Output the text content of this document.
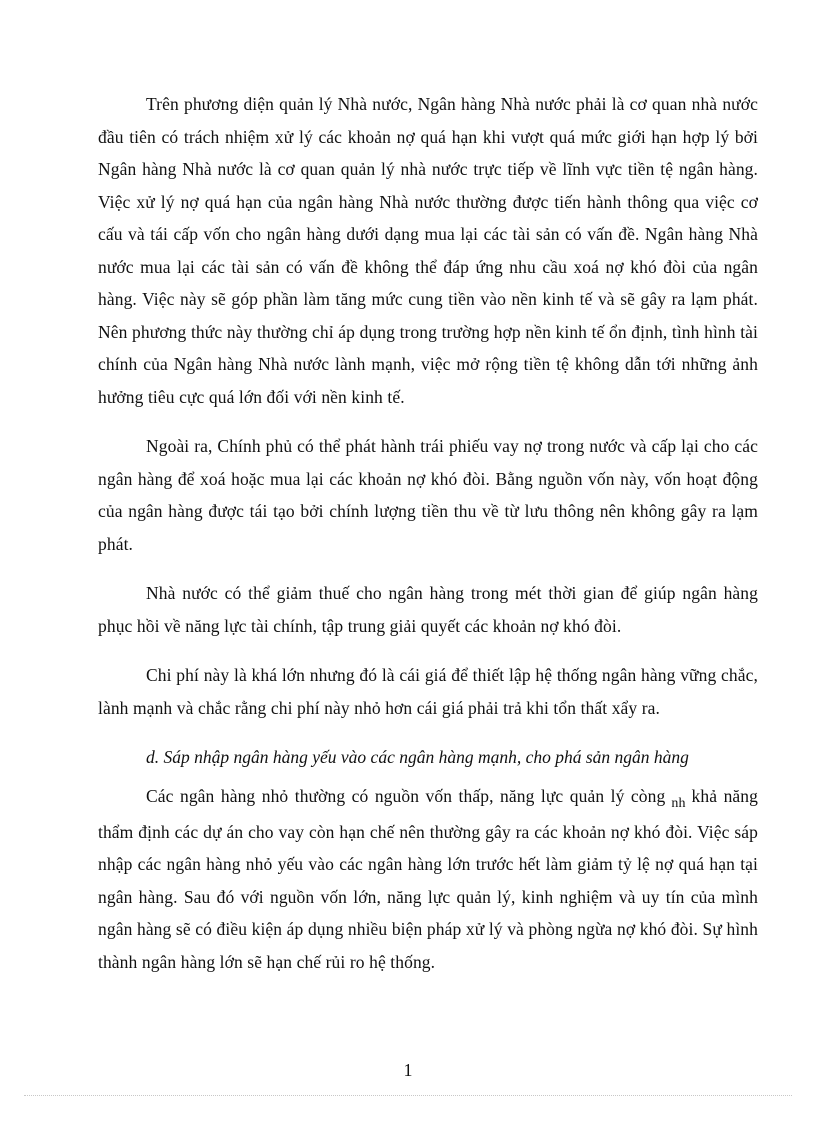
Trên phương diện quản lý Nhà nước, Ngân hàng Nhà nước phải là cơ quan nhà nước đầu tiên có trách nhiệm xử lý các khoản nợ quá hạn khi vượt quá mức giới hạn hợp lý bởi Ngân hàng Nhà nước là cơ quan quản lý nhà nước trực tiếp về lĩnh vực tiền tệ ngân hàng. Việc xử lý nợ quá hạn của ngân hàng Nhà nước thường được tiến hành thông qua việc cơ cấu và tái cấp vốn cho ngân hàng dưới dạng mua lại các tài sản có vấn đề. Ngân hàng Nhà nước mua lại các tài sản có vấn đề không thể đáp ứng nhu cầu xoá nợ khó đòi của ngân hàng. Việc này sẽ góp phần làm tăng mức cung tiền vào nền kinh tế và sẽ gây ra lạm phát. Nên phương thức này thường chỉ áp dụng trong trường hợp nền kinh tế ổn định, tình hình tài chính của Ngân hàng Nhà nước lành mạnh, việc mở rộng tiền tệ không dẫn tới những ảnh hưởng tiêu cực quá lớn đối với nền kinh tế.

Ngoài ra, Chính phủ có thể phát hành trái phiếu vay nợ trong nước và cấp lại cho các ngân hàng để xoá hoặc mua lại các khoản nợ khó đòi. Bằng nguồn vốn này, vốn hoạt động của ngân hàng được tái tạo bởi chính lượng tiền thu về từ lưu thông nên không gây ra lạm phát.

Nhà nước có thể giảm thuế cho ngân hàng trong mét thời gian để giúp ngân hàng phục hồi về năng lực tài chính, tập trung giải quyết các khoản nợ khó đòi.

Chi phí này là khá lớn nhưng đó là cái giá để thiết lập hệ thống ngân hàng vững chắc, lành mạnh và chắc rằng chi phí này nhỏ hơn cái giá phải trả khi tổn thất xẩy ra.

d. Sáp nhập ngân hàng yếu vào các ngân hàng mạnh, cho phá sản ngân hàng

Các ngân hàng nhỏ thường có nguồn vốn thấp, năng lực quản lý còng $_{nh}$ khả năng thẩm định các dự án cho vay còn hạn chế nên thường gây ra các khoản nợ khó đòi. Việc sáp nhập các ngân hàng nhỏ yếu vào các ngân hàng lớn trước hết làm giảm tỷ lệ nợ quá hạn tại ngân hàng. Sau đó với nguồn vốn lớn, năng lực quản lý, kinh nghiệm và uy tín của mình ngân hàng sẽ có điều kiện áp dụng nhiều biện pháp xử lý và phòng ngừa nợ khó đòi. Sự hình thành ngân hàng lớn sẽ hạn chế rủi ro hệ thống.

1
